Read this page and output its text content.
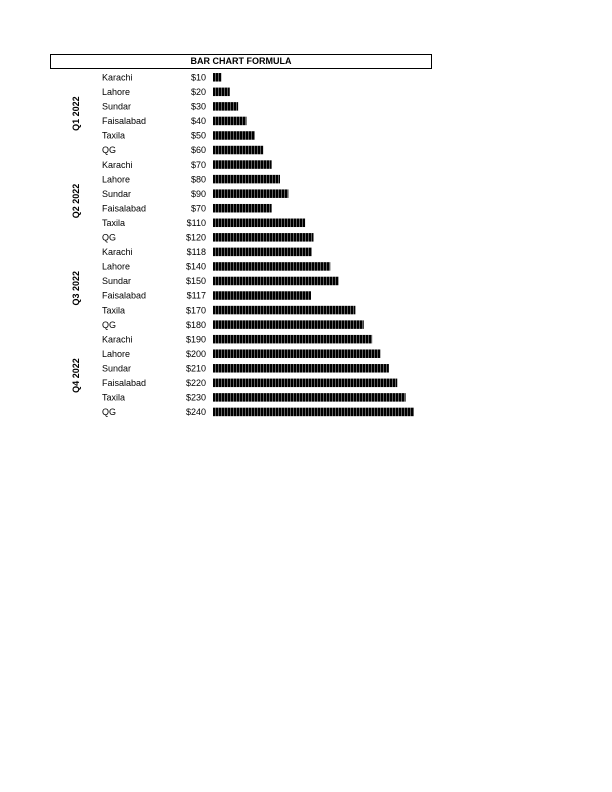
BAR CHART FORMULA
Karachi	$10
Lahore	$20
Sundar	$30
Faisalabad	$40
Taxila	$50
QG	$60
Q1 2022
Karachi	$70
Lahore	$80
Sundar	$90
Faisalabad	$70
Taxila	$110
QG	$120
Q2 2022
Karachi	$118
Lahore	$140
Sundar	$150
Faisalabad	$117
Taxila	$170
QG	$180
Q3 2022
Karachi	$190
Lahore	$200
Sundar	$210
Faisalabad	$220
Taxila	$230
QG	$240
Q4 2022
